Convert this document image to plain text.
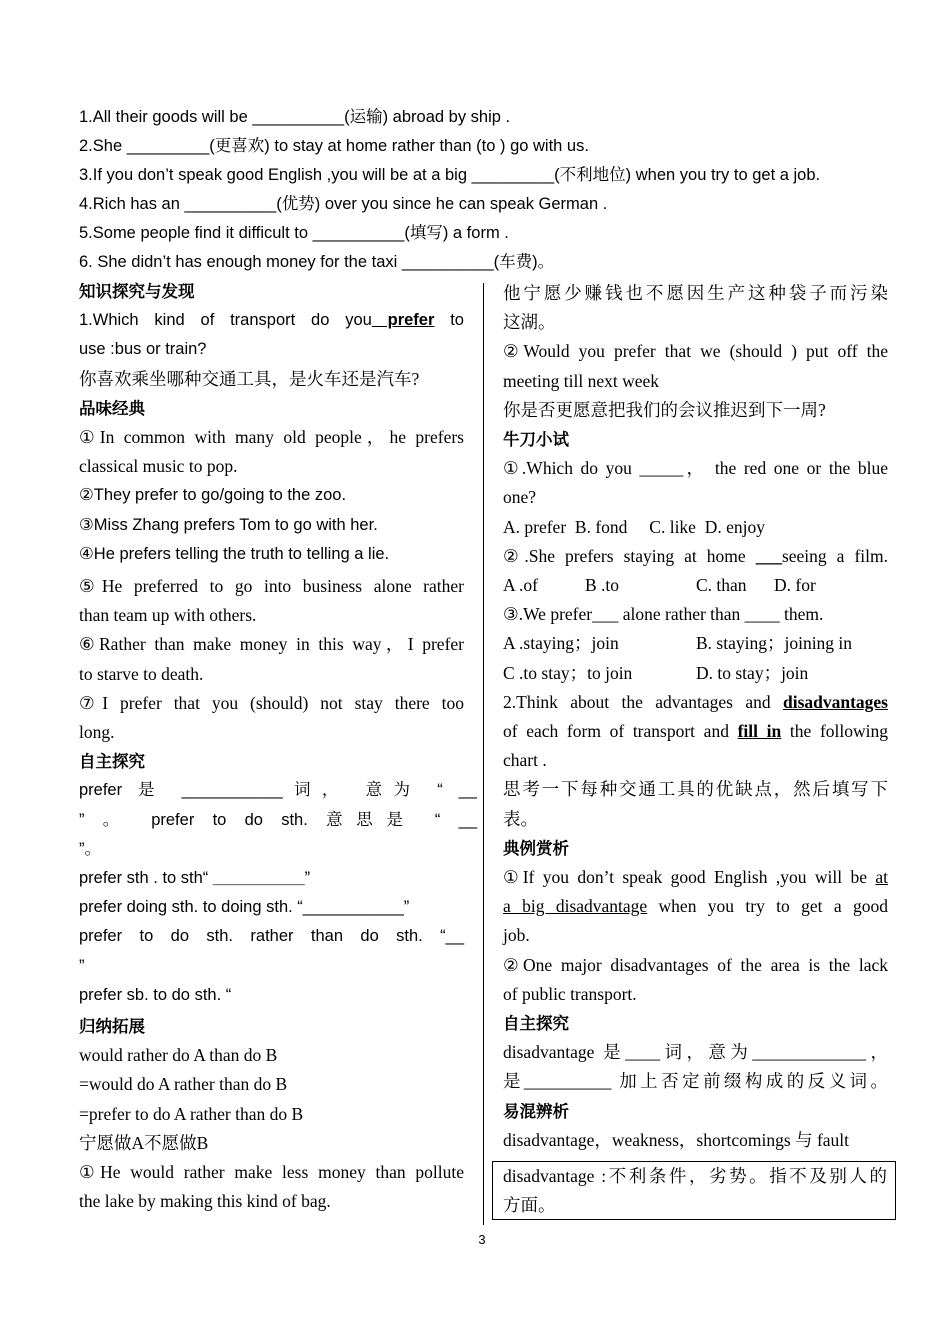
1.All their goods will be __________(运输) abroad by ship .
2.She _________(更喜欢) to stay at home rather than (to ) go with us.
3.If you don’t speak good English ,you will be at a big _________(不利地位) when you try to get a job.
4.Rich has an __________(优势) over you since he can speak German .
5.Some people find it difficult to __________(填写) a form .
6. She didn’t has enough money for the taxi __________(车费)。
知识探究与发现
1.Which kind of transport do you prefer to
use :bus or train?
你喜欢乘坐哪种交通工具，是火车还是汽车?
品味经典
①In common with many old people，he prefers
classical music to pop.
②They prefer to go/going to the zoo.
③Miss Zhang prefers Tom to go with her.
④He prefers telling the truth to telling a lie.
⑤He preferred to go into business alone rather
than team up with others.
⑥Rather than make money in this way，I prefer
to starve to death.
⑦I prefer that you (should) not stay there too
long.
自主探究
prefer 是 ___________词， 意为 “ __
” 。 prefer to do sth. 意思是 “ __
”。
prefer sth . to sth“ __________”
prefer doing sth. to doing sth. “___________”
prefer to do sth. rather than do sth. “__
”
prefer sb. to do sth. “
归纳拓展
would rather do A than do B
=would do A rather than do B
=prefer to do A rather than do B
宁愿做A不愿做B
①He would rather make less money than pollute
the lake by making this kind of bag.
他宁愿少赚钱也不愿因生产这种袋子而污染
这湖。
②Would you prefer that we (should ) put off the
meeting till next week
你是否更愿意把我们的会议推迟到下一周?
牛刀小试
①.Which do you _____， the red one or the blue
one?
A. prefer  B. fond     C. like  D. enjoy
②.She prefers staying at home ___seeing a film.
A .of	B .to	C. than D. for
③.We prefer___ alone rather than ____ them.
A .staying；join	B. staying；joining in
C .to stay；to join	D. to stay；join
2.Think about the advantages and disadvantages
of each form of transport and fill in the following
chart .
思考一下每种交通工具的优缺点，然后填写下
表。
典例赏析
①If you don’t speak good English ,you will be at
a big disadvantage when you try to get a good
job.
②One major disadvantages of the area is the lack
of public transport.
自主探究
disadvantage 是____词，意为_____________，
是__________ 加上否定前缀构成的反义词。
易混辨析
disadvantage，weakness，shortcomings 与 fault
disadvantage :不利条件，劣势。指不及别人的
方面。
3
